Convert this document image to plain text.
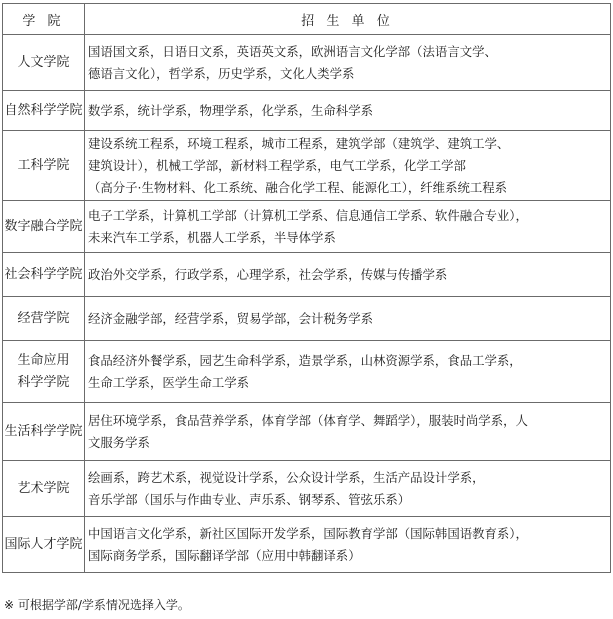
学 院	招 生 单 位

人文学院	国语国文系，日语日文系，英语英文系，欧洲语言文化学部（法语言文学、
德语言文化），哲学系，历史学系，文化人类学系

自然科学学院	数学系，统计学系，物理学系，化学系，生命科学系

工科学院	建设系统工程系，环境工程系，城市工程系，建筑学部（建筑学、建筑工学、
建筑设计），机械工学部，新材料工程学系，电气工学系，化学工学部
（高分子·生物材料、化工系统、融合化学工程、能源化工），纤维系统工程系

数字融合学院	电子工学系，计算机工学部（计算机工学系、信息通信工学系、软件融合专业），
未来汽车工学系，机器人工学系，半导体学系

社会科学学院	政治外交学系，行政学系，心理学系，社会学系，传媒与传播学系

经营学院	经济金融学部，经营学系，贸易学部，会计税务学系

生命应用
科学学院	食品经济外餐学系，园艺生命科学系，造景学系，山林资源学系，食品工学系，
生命工学系，医学生命工学系

生活科学学院	居住环境学系，食品营养学系，体育学部（体育学、舞蹈学），服装时尚学系，人
文服务学系

艺术学院	绘画系，跨艺术系，视觉设计学系，公众设计学系，生活产品设计学系，
音乐学部（国乐与作曲专业、声乐系、钢琴系、管弦乐系）

国际人才学院	中国语言文化学系，新社区国际开发学系，国际教育学部（国际韩国语教育系），
国际商务学系，国际翻译学部（应用中韩翻译系）
※ 可根据学部/学系情况选择入学。
